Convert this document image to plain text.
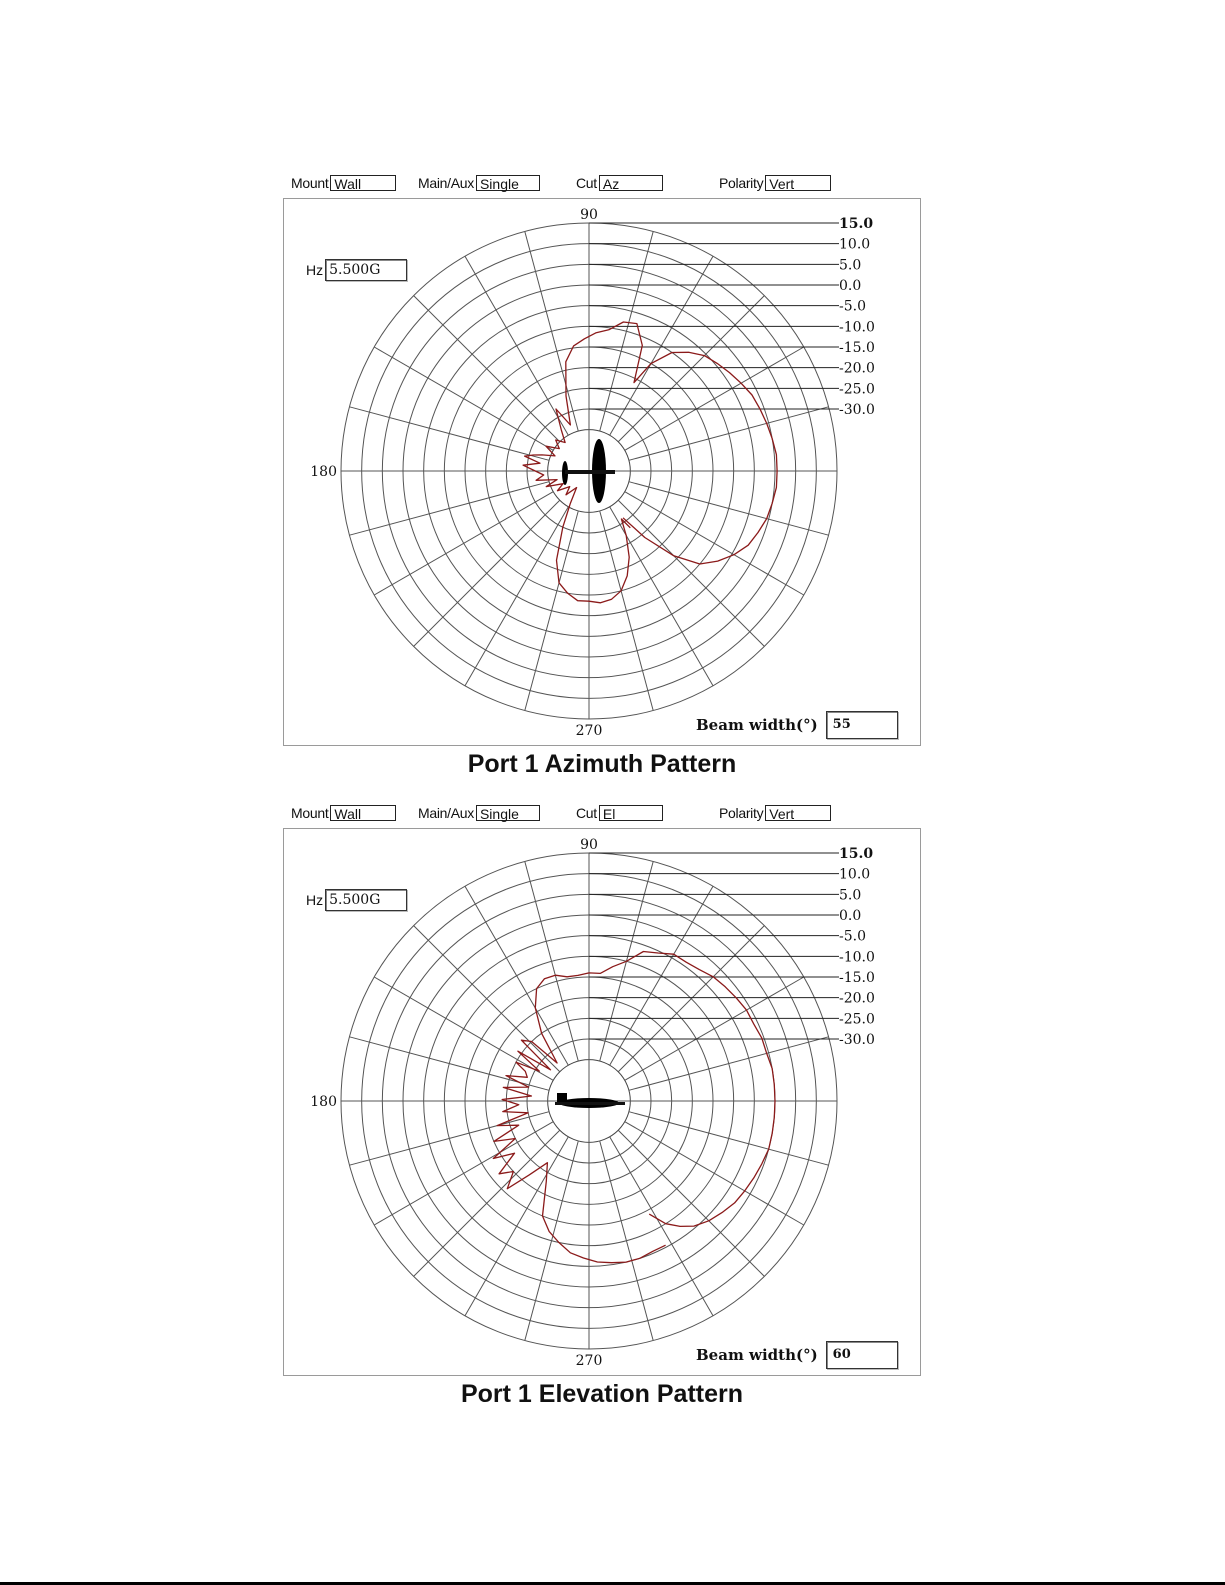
Mount Wall	Main/Aux Single	Cut Az	Polarity Vert
15.0
10.0
5.0
0.0
-5.0
-10.0
-15.0
-20.0
-25.0
-30.0
90
180
270
Hz 5.500G
Beam width(°)	55
Port 1 Azimuth Pattern
Mount Wall	Main/Aux Single	Cut El	Polarity Vert
15.0
10.0
5.0
0.0
-5.0
-10.0
-15.0
-20.0
-25.0
-30.0
90
180
270
Hz 5.500G
Beam width(°)	60
Port 1 Elevation Pattern
